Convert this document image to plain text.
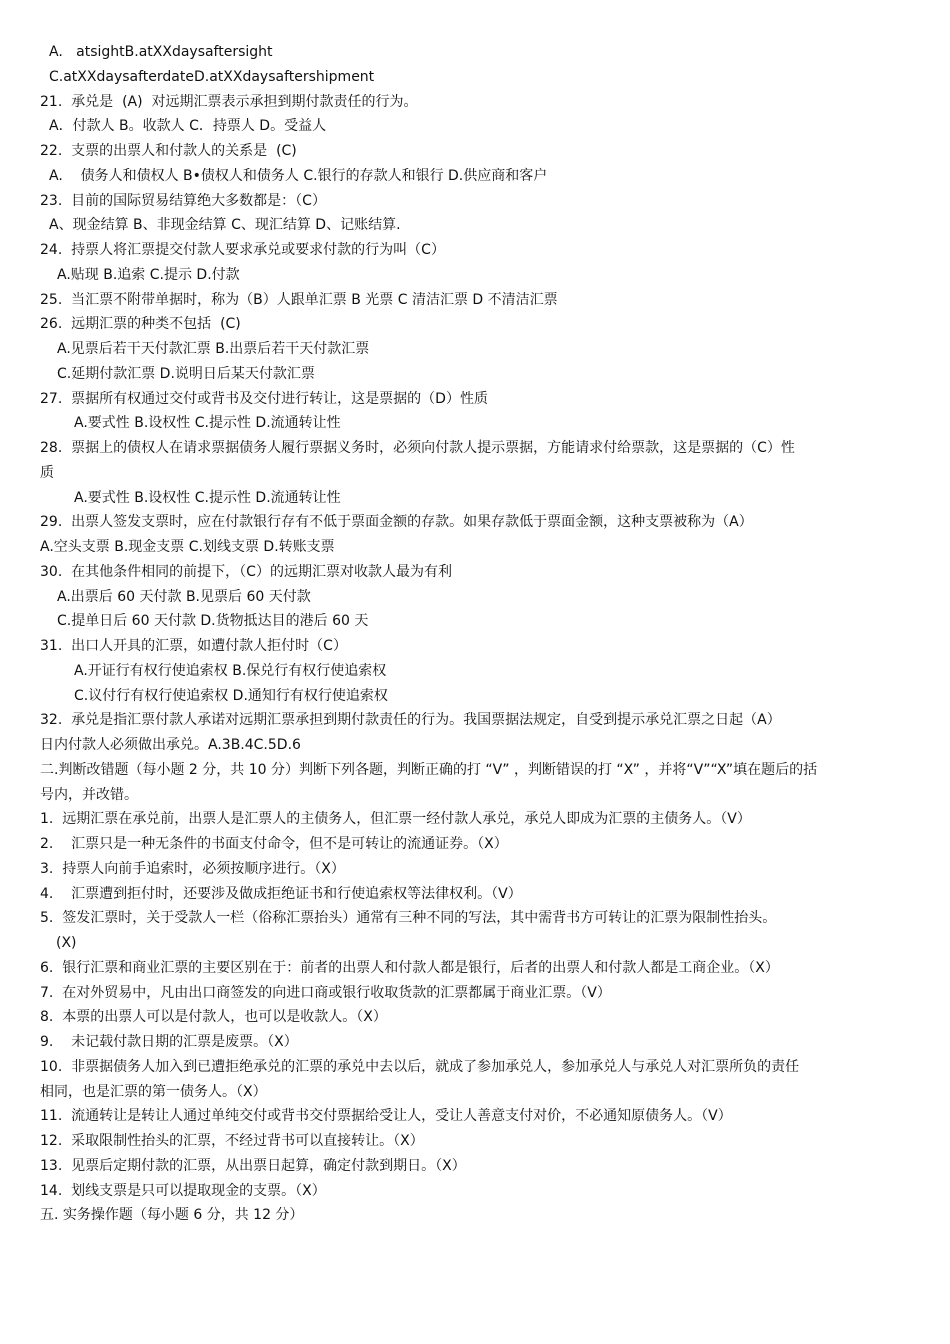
A.   atsightB.atXXdaysaftersight

C.atXXdaysafterdateD.atXXdaysaftershipment

21.  承兑是  (A)  对远期汇票表示承担到期付款责任的行为。

A．付款人 B。收款人 C．持票人 D。受益人

22.  支票的出票人和付款人的关系是  (C)

A.    债务人和债权人 B•债权人和债务人 C.银行的存款人和银行 D.供应商和客户

23.  目前的国际贸易结算绝大多数都是：（C）

A、现金结算 B、非现金结算 C、现汇结算 D、记账结算.

24.  持票人将汇票提交付款人要求承兑或要求付款的行为叫（C）

A.贴现 B.追索 C.提示 D.付款

25.  当汇票不附带单据时，称为（B）人跟单汇票 B 光票 C 清洁汇票 D 不清洁汇票

26.  远期汇票的种类不包括  (C)

A.见票后若干天付款汇票 B.出票后若干天付款汇票

C.延期付款汇票 D.说明日后某天付款汇票

27.  票据所有权通过交付或背书及交付进行转让，这是票据的（D）性质

A.要式性 B.设权性 C.提示性 D.流通转让性

28.  票据上的债权人在请求票据债务人履行票据义务时，必须向付款人提示票据，方能请求付给票款，这是票据的（C）性

质

A.要式性 B.设权性 C.提示性 D.流通转让性

29.  出票人签发支票时，应在付款银行存有不低于票面金额的存款。如果存款低于票面金额，这种支票被称为（A）

A.空头支票 B.现金支票 C.划线支票 D.转账支票

30.  在其他条件相同的前提下，（C）的远期汇票对收款人最为有利

A.出票后 60 天付款 B.见票后 60 天付款

C.提单日后 60 天付款 D.货物抵达目的港后 60 天

31.  出口人开具的汇票，如遭付款人拒付时（C）

A.开证行有权行使追索权 B.保兑行有权行使追索权

C.议付行有权行使追索权 D.通知行有权行使追索权

32.  承兑是指汇票付款人承诺对远期汇票承担到期付款责任的行为。我国票据法规定，自受到提示承兑汇票之日起（A）

日内付款人必须做出承兑。A.3B.4C.5D.6

二.判断改错题（每小题 2 分，共 10 分）判断下列各题，判断正确的打 “V” ，判断错误的打 “X” ，并将“V”“X”填在题后的括

号内，并改错。

1.  远期汇票在承兑前，出票人是汇票人的主债务人，但汇票一经付款人承兑，承兑人即成为汇票的主债务人。（V）

2.    汇票只是一种无条件的书面支付命令，但不是可转让的流通证券。（X）

3.  持票人向前手追索时，必须按顺序进行。（X）

4.    汇票遭到拒付时，还要涉及做成拒绝证书和行使追索权等法律权利。（V）

5.  签发汇票时，关于受款人一栏（俗称汇票抬头）通常有三种不同的写法，其中需背书方可转让的汇票为限制性抬头。

(X)

6.  银行汇票和商业汇票的主要区别在于：前者的出票人和付款人都是银行，后者的出票人和付款人都是工商企业。（X）

7.  在对外贸易中，凡由出口商签发的向进口商或银行收取货款的汇票都属于商业汇票。（V）

8.  本票的出票人可以是付款人，也可以是收款人。（X）

9.    未记载付款日期的汇票是废票。（X）

10.  非票据债务人加入到已遭拒绝承兑的汇票的承兑中去以后，就成了参加承兑人，参加承兑人与承兑人对汇票所负的责任

相同，也是汇票的第一债务人。（X）

11.  流通转让是转让人通过单纯交付或背书交付票据给受让人，受让人善意支付对价，不必通知原债务人。（V）

12.  采取限制性抬头的汇票，不经过背书可以直接转让。（X）

13.  见票后定期付款的汇票，从出票日起算，确定付款到期日。（X）

14.  划线支票是只可以提取现金的支票。（X）

五. 实务操作题（每小题 6 分，共 12 分）
